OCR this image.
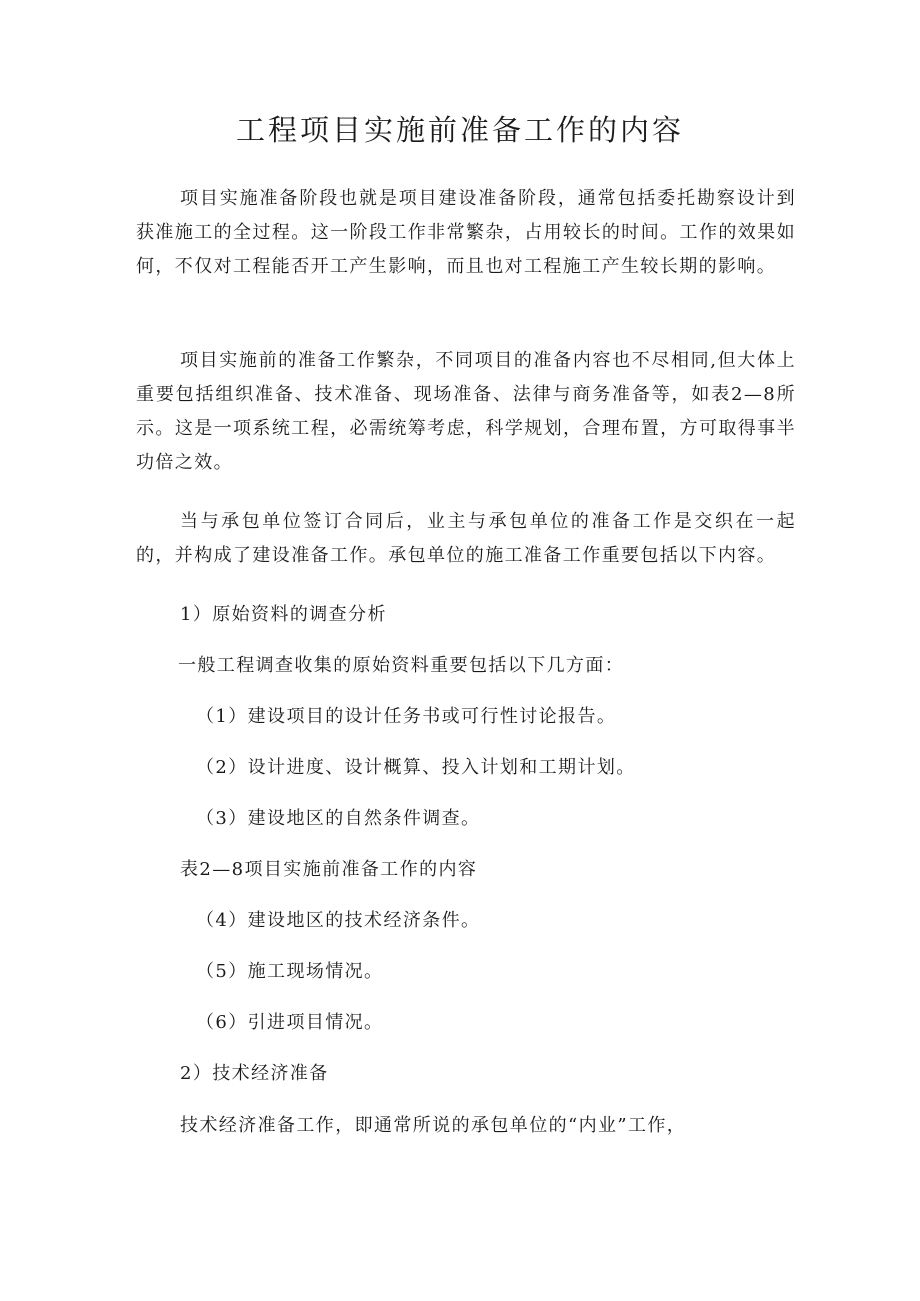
工程项目实施前准备工作的内容

项目实施准备阶段也就是项目建设准备阶段，通常包括委托勘察设计到获准施工的全过程。这一阶段工作非常繁杂，占用较长的时间。工作的效果如何，不仅对工程能否开工产生影响，而且也对工程施工产生较长期的影响。

项目实施前的准备工作繁杂，不同项目的准备内容也不尽相同,但大体上重要包括组织准备、技术准备、现场准备、法律与商务准备等，如表2—8所示。这是一项系统工程，必需统筹考虑，科学规划，合理布置，方可取得事半功倍之效。

当与承包单位签订合同后，业主与承包单位的准备工作是交织在一起的，并构成了建设准备工作。承包单位的施工准备工作重要包括以下内容。

1）原始资料的调查分析

一般工程调查收集的原始资料重要包括以下几方面：

（1）建设项目的设计任务书或可行性讨论报告。

（2）设计进度、设计概算、投入计划和工期计划。

（3）建设地区的自然条件调查。

表2—8项目实施前准备工作的内容

（4）建设地区的技术经济条件。

（5）施工现场情况。

（6）引进项目情况。

2）技术经济准备

技术经济准备工作，即通常所说的承包单位的“内业”工作，
